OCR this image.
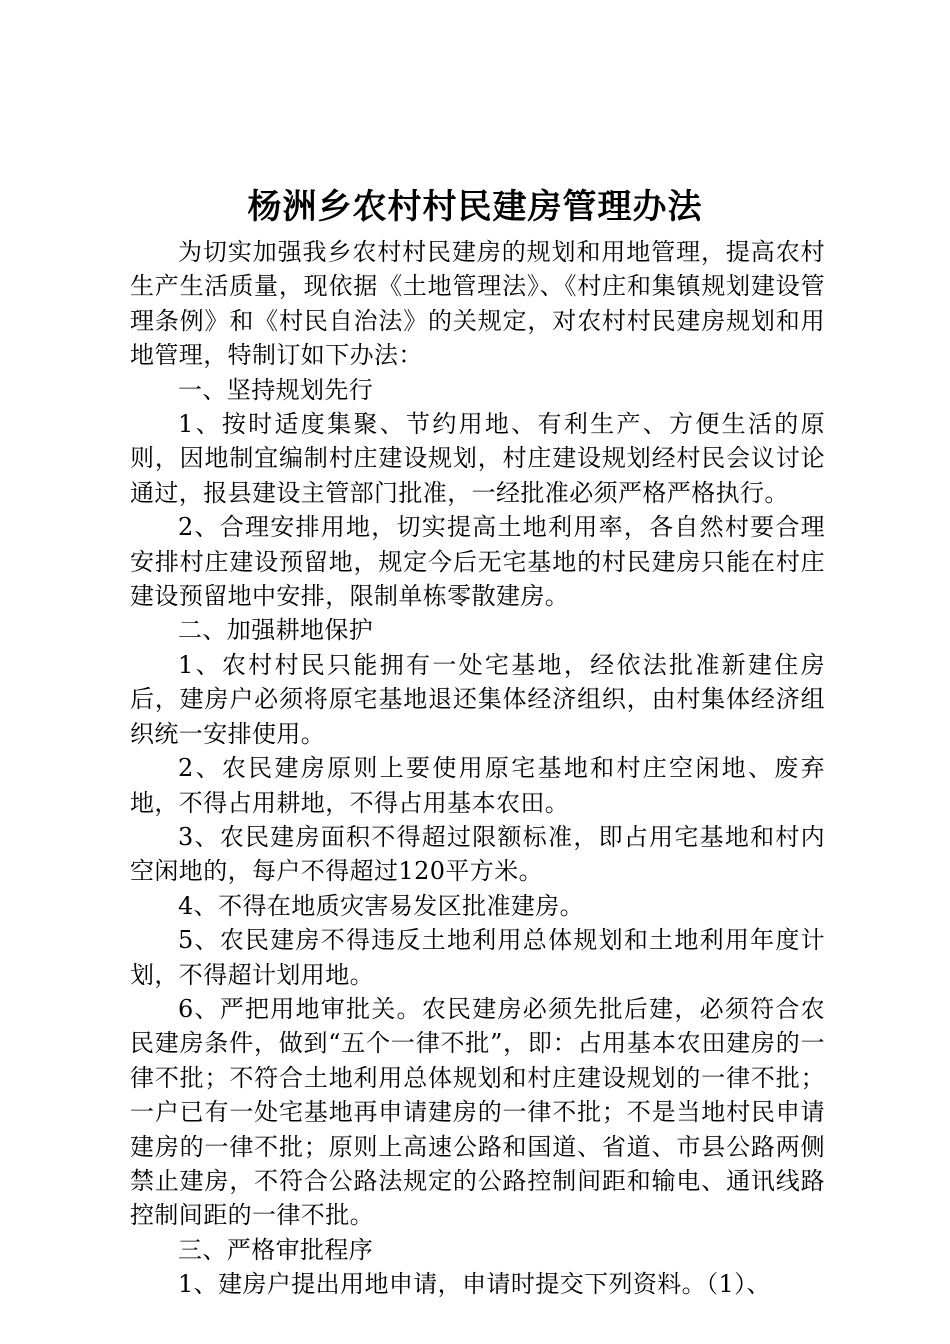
杨洲乡农村村民建房管理办法

为切实加强我乡农村村民建房的规划和用地管理，提高农村生产生活质量，现依据《土地管理法》、《村庄和集镇规划建设管理条例》和《村民自治法》的关规定，对农村村民建房规划和用地管理，特制订如下办法：

一、坚持规划先行

1、按时适度集聚、节约用地、有利生产、方便生活的原则，因地制宜编制村庄建设规划，村庄建设规划经村民会议讨论通过，报县建设主管部门批准，一经批准必须严格严格执行。

2、合理安排用地，切实提高土地利用率，各自然村要合理安排村庄建设预留地，规定今后无宅基地的村民建房只能在村庄建设预留地中安排，限制单栋零散建房。

二、加强耕地保护

1、农村村民只能拥有一处宅基地，经依法批准新建住房后，建房户必须将原宅基地退还集体经济组织，由村集体经济组织统一安排使用。

2、农民建房原则上要使用原宅基地和村庄空闲地、废弃地，不得占用耕地，不得占用基本农田。

3、农民建房面积不得超过限额标准，即占用宅基地和村内空闲地的，每户不得超过120平方米。

4、不得在地质灾害易发区批准建房。

5、农民建房不得违反土地利用总体规划和土地利用年度计划，不得超计划用地。

6、严把用地审批关。农民建房必须先批后建，必须符合农民建房条件，做到“五个一律不批”，即：占用基本农田建房的一律不批；不符合土地利用总体规划和村庄建设规划的一律不批；一户已有一处宅基地再申请建房的一律不批；不是当地村民申请建房的一律不批；原则上高速公路和国道、省道、市县公路两侧禁止建房，不符合公路法规定的公路控制间距和输电、通讯线路控制间距的一律不批。

三、严格审批程序

1、建房户提出用地申请，申请时提交下列资料。（1）、
